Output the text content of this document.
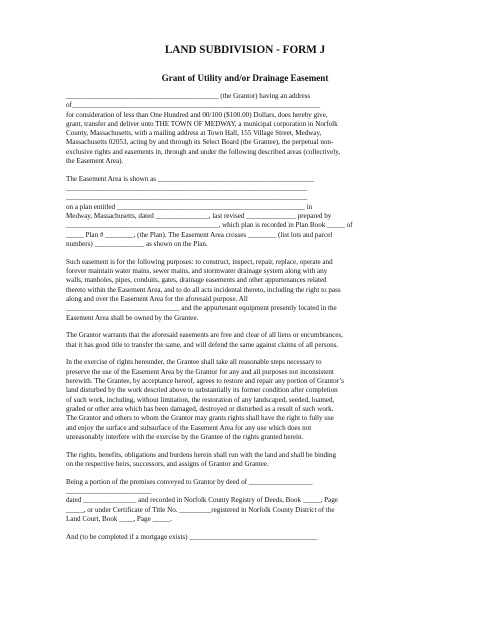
LAND SUBDIVISION - FORM J
Grant of Utility and/or Drainage Easement

___________________________________________ (the Grantor) having an address
of______________________________________________________________________
for consideration of less than One Hundred and 00/100 ($100.00) Dollars, does hereby give,
grant, transfer and deliver unto THE TOWN OF MEDWAY, a municipal corporation in Norfolk
County, Massachusetts, with a mailing address at Town Hall, 155 Village Street, Medway,
Massachusetts 02053, acting by and through its Select Board (the Grantee), the perpetual non-
exclusive rights and easements in, through and under the following described areas (collectively,
the Easement Area).

The Easement Area is shown as ____________________________________________
____________________________________________________________________
____________________________________________________________________
on a plan entitled _____________________________________________________ in
Medway, Massachusetts, dated _______________, last revised ______________ prepared by
___________________________________________, which plan is recorded in Plan Book _____ of
_____ Plan # ________, (the Plan). The Easement Area crosses ________ (list lots and parcel
numbers) ______________ as shown on the Plan.

Such easement is for the following purposes: to construct, inspect, repair, replace, operate and
forever maintain water mains, sewer mains, and stormwater drainage system along with any
walls, manholes, pipes, conduits, gates, drainage easements and other appurtenances related
thereto within the Easement Area, and to do all acts incidental thereto, including the right to pass
along and over the Easement Area for the aforesaid purpose. All
________________________________ and the appurtenant equipment presently located in the
Easement Area shall be owned by the Grantee.

The Grantor warrants that the aforesaid easements are free and clear of all liens or encumbrances,
that it has good title to transfer the same, and will defend the same against claims of all persons.

In the exercise of rights hereunder, the Grantee shall take all reasonable steps necessary to
preserve the use of the Easement Area by the Grantor for any and all purposes not inconsistent
herewith. The Grantee, by acceptance hereof, agrees to restore and repair any portion of Grantor’s
land disturbed by the work descried above to substantially its former condition after completion
of such work, including, without limitation, the restoration of any landscaped, seeded, loamed,
graded or other area which has been damaged, destroyed or disturbed as a result of such work.
The Grantor and others to whom the Grantor may grants rights shall have the right to fully use
and enjoy the surface and subsurface of the Easement Area for any use which does not
unreasonably interfere with the exercise by the Grantee of the rights granted herein.

The rights, benefits, obligations and burdens herein shall run with the land and shall be binding
on the respective heirs, successors, and assigns of Grantor and Grantee.

Being a portion of the premises conveyed to Grantor by deed of __________________
________________________
dated _______________ and recorded in Norfolk County Registry of Deeds, Book _____, Page
_____, or under Certificate of Title No. _________registered in Norfolk County District of the
Land Court, Book ____, Page _____.

And (to be completed if a mortgage exists) ____________________________________
